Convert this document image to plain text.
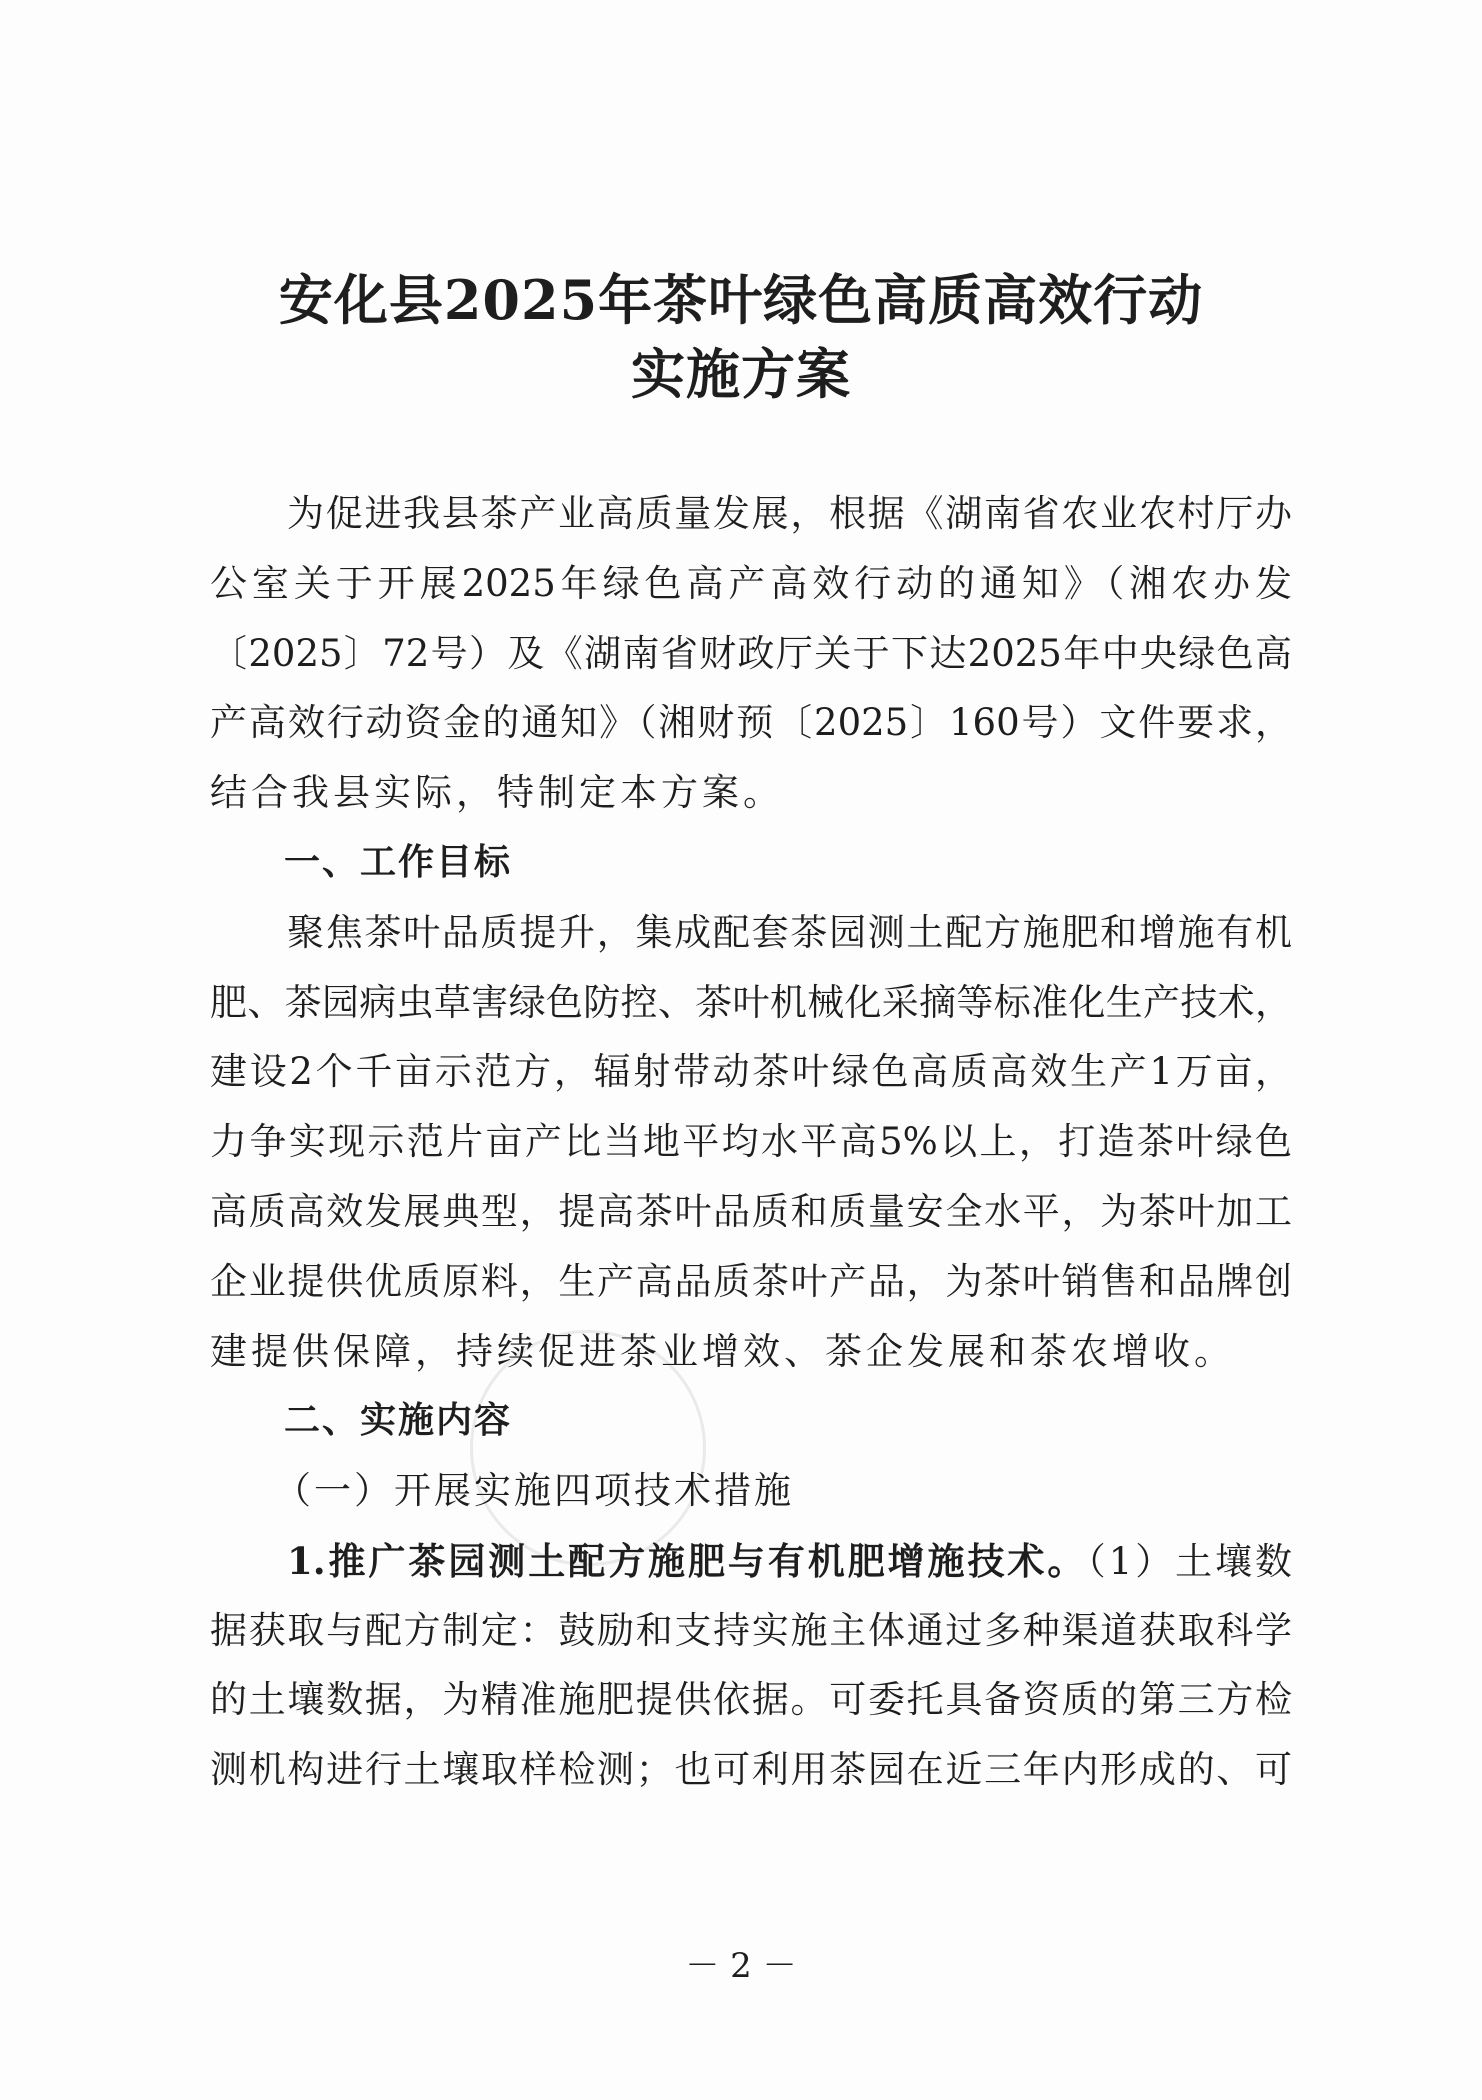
安化县2025年茶叶绿色高质高效行动
实施方案
为促进我县茶产业高质量发展，根据《湖南省农业农村厅办
公室关于开展2025年绿色高产高效行动的通知》（湘农办发
〔2025〕72号）及《湖南省财政厅关于下达2025年中央绿色高
产高效行动资金的通知》（湘财预〔2025〕160号）文件要求，
结合我县实际，特制定本方案。
一、工作目标
聚焦茶叶品质提升，集成配套茶园测土配方施肥和增施有机
肥、茶园病虫草害绿色防控、茶叶机械化采摘等标准化生产技术，
建设2个千亩示范方，辐射带动茶叶绿色高质高效生产1万亩，
力争实现示范片亩产比当地平均水平高5%以上，打造茶叶绿色
高质高效发展典型，提高茶叶品质和质量安全水平，为茶叶加工
企业提供优质原料，生产高品质茶叶产品，为茶叶销售和品牌创
建提供保障，持续促进茶业增效、茶企发展和茶农增收。
二、实施内容
（一）开展实施四项技术措施
1.推广茶园测土配方施肥与有机肥增施技术。（1）土壤数
据获取与配方制定：鼓励和支持实施主体通过多种渠道获取科学
的土壤数据，为精准施肥提供依据。可委托具备资质的第三方检
测机构进行土壤取样检测；也可利用茶园在近三年内形成的、可
－ 2 －
